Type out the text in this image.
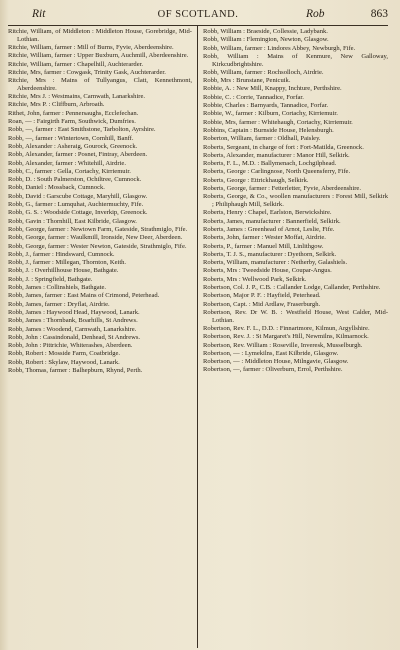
Rit	OF SCOTLAND.	Rob	863

Ritchie, William, of Middleton : Middleton House, Gorebridge, Mid-Lothian.

Ritchie, William, farmer : Mill of Burns, Fyvie, Aberdeenshire.

Ritchie, William, farmer : Upper Buxburn, Auchmill, Aberdeenshire.

Ritchie, William, farmer : Chapelhill, Auchterarder.

Ritchie, Mrs, farmer : Cowgask, Trinity Gask, Auchterarder.

Ritchie, Mrs : Mains of Tullyangus, Clatt, Kennethmont, Aberdeenshire.

Ritchie, Mrs J. : Westmains, Carnwath, Lanarkshire.

Ritchie, Mrs P. : Cliffburn, Arbroath.

Rithet, John, farmer : Pennersaughs, Ecclefechan.

Roan, — : Fairgirth Farm, Southwick, Dumfries.

Robb, —, farmer : East Smithstone, Tarbolton, Ayrshire.

Robb, —, farmer : Wintertown, Cornhill, Banff.

Robb, Alexander : Asheraig, Gourock, Greenock.

Robb, Alexander, farmer : Posnet, Fintray, Aberdeen.

Robb, Alexander, farmer : Whitehill, Airdrie.

Robb, C., farmer : Gella, Cortachy, Kirriemuir.

Robb, D. : South Palmerston, Ochiltree, Cumnock.

Robb, Daniel : Mossback, Cumnock.

Robb, David : Garscube Cottage, Maryhill, Glasgow.

Robb, G., farmer : Lumquhat, Auchtermuchty, Fife.

Robb, G. S. : Woodside Cottage, Inverkip, Greenock.

Robb, Gavin : Thornhill, East Kilbride, Glasgow.

Robb, George, farmer : Newtown Farm, Gateside, Strathmiglo, Fife.

Robb, George, farmer : Waulkmill, Ironside, New Deer, Aberdeen.

Robb, George, farmer : Wester Newton, Gateside, Strathmiglo, Fife.

Robb, J., farmer : Hindsward, Cumnock.

Robb, J., farmer : Millegan, Thornton, Keith.

Robb, J. : Overhillhouse House, Bathgate.

Robb, J. : Springfield, Bathgate.

Robb, James : Collinshiels, Bathgate.

Robb, James, farmer : East Mains of Crimond, Peterhead.

Robb, James, farmer : Dryflat, Airdrie.

Robb, James : Haywood Head, Haywood, Lanark.

Robb, James : Thornbank, Boarhills, St Andrews.

Robb, James : Woodend, Carnwath, Lanarkshire.

Robb, John : Cassindonald, Denhead, St Andrews.

Robb, John : Pittrichie, Whiterashes, Aberdeen.

Robb, Robert : Mosside Farm, Coatbridge.

Robb, Robert : Skylaw, Haywood, Lanark.

Robb, Thomas, farmer : Balhepburn, Rhynd, Perth.

Robb, William : Braeside, Collessie, Ladybank.

Robb, William : Flemington, Newton, Glasgow.

Robb, William, farmer : Lindores Abbey, Newburgh, Fife.

Robb, William : Mains of Kenmure, New Galloway, Kirkcudbrightshire.

Robb, William, farmer : Rochsolloch, Airdrie.

Robb, Mrs : Brunstane, Penicuik.

Robbie, A. : New Mill, Knappy, Inchture, Perthshire.

Robbie, C. : Corrie, Tannadice, Forfar.

Robbie, Charles : Barnyards, Tannadice, Forfar.

Robbie, W., farmer : Kilburn, Cortachy, Kirriemuir.

Robbie, Mrs, farmer : Whitehaugh, Cortachy, Kirriemuir.

Robbins, Captain : Burnside House, Helensburgh.

Roberton, William, farmer : Oldhall, Paisley.

Roberts, Sergeant, in charge of fort : Fort-Matilda, Greenock.

Roberts, Alexander, manufacturer : Manor Hill, Selkirk.

Roberts, F. L., M.D. : Ballymenach, Lochgilphead.

Roberts, George : Carlingnose, North Queensferry, Fife.

Roberts, George : Ettrickhaugh, Selkirk.

Roberts, George, farmer : Fetterletter, Fyvie, Aberdeenshire.

Roberts, George, & Co., woollen manufacturers : Forest Mill, Selkirk ; Philiphaugh Mill, Selkirk.

Roberts, Henry : Chapel, Earlston, Berwickshire.

Roberts, James, manufacturer : Bannerfield, Selkirk.

Roberts, James : Greenhead of Arnot, Leslie, Fife.

Roberts, John, farmer : Wester Moffat, Airdrie.

Roberts, P., farmer : Manuel Mill, Linlithgow.

Roberts, T. J. S., manufacturer : Dyethorn, Selkirk.

Roberts, William, manufacturer : Netherby, Galashiels.

Roberts, Mrs : Tweedside House, Coupar-Angus.

Roberts, Mrs : Wellwood Park, Selkirk.

Robertson, Col. J. P., C.B. : Callander Lodge, Callander, Perthshire.

Robertson, Major P. F. : Hayfield, Peterhead.

Robertson, Capt. : Mid Ardlaw, Fraserburgh.

Robertson, Rev. Dr W. B. : Westfield House, West Calder, Mid-Lothian.

Robertson, Rev. F. L., D.D. : Finnartmore, Kilmun, Argyllshire.

Robertson, Rev. J. : St Margaret's Hill, Newmilns, Kilmarnock.

Robertson, Rev. William : Roseville, Inveresk, Musselburgh.

Robertson, — : Lymekilns, East Kilbride, Glasgow.

Robertson, — : Middleton House, Milngavie, Glasgow.

Robertson, —, farmer : Oliverburn, Errol, Perthshire.
